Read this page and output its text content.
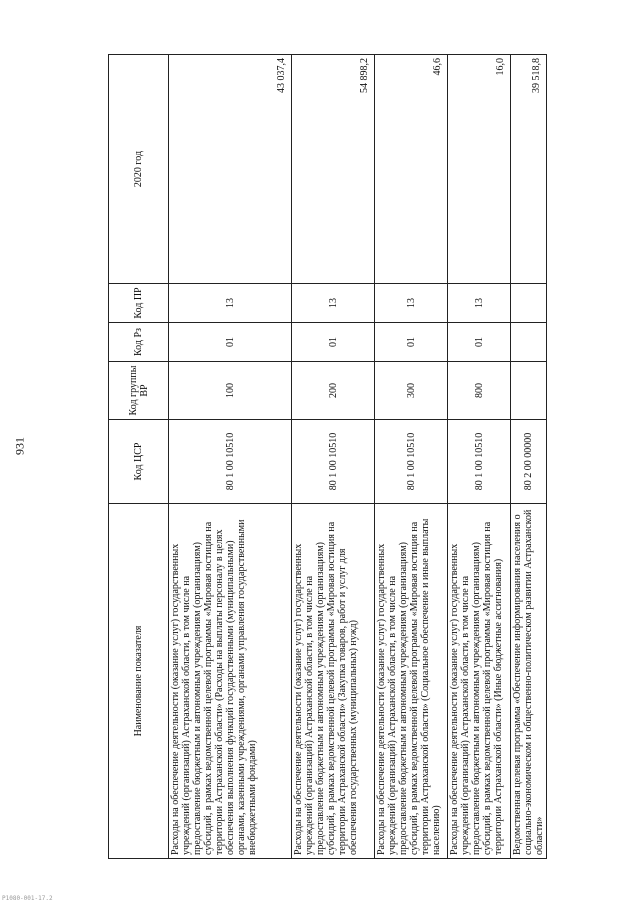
931
Наименование показателя	Код ЦСР	Код группы ВР	Код Рз	Код ПР	2020 год
Расходы на обеспечение деятельности (оказание услуг) государственных учреждений (организаций) Астраханской области, в том числе на предоставление бюджетным и автономным учреждениям (организациям) субсидий, в рамках ведомственной целевой программы «Мировая юстиция на территории Астраханской области» (Расходы на выплаты персоналу в целях обеспечения выполнения функций государственными (муниципальными) органами, казенными учреждениями, органами управления государственными внебюджетными фондами)	80 1 00 10510	100	01	13	43 037,4
Расходы на обеспечение деятельности (оказание услуг) государственных учреждений (организаций) Астраханской области, в том числе на предоставление бюджетным и автономным учреждениям (организациям) субсидий, в рамках ведомственной целевой программы «Мировая юстиция на территории Астраханской области» (Закупка товаров, работ и услуг для обеспечения государственных (муниципальных) нужд)	80 1 00 10510	200	01	13	54 898,2
Расходы на обеспечение деятельности (оказание услуг) государственных учреждений (организаций) Астраханской области, в том числе на предоставление бюджетным и автономным учреждениям (организациям) субсидий, в рамках ведомственной целевой программы «Мировая юстиция на территории Астраханской области» (Социальное обеспечение и иные выплаты населению)	80 1 00 10510	300	01	13	46,6
Расходы на обеспечение деятельности (оказание услуг) государственных учреждений (организаций) Астраханской области, в том числе на предоставление бюджетным и автономным учреждениям (организациям) субсидий, в рамках ведомственной целевой программы «Мировая юстиция на территории Астраханской области» (Иные бюджетные ассигнования)	80 1 00 10510	800	01	13	16,0
Ведомственная целевая программа «Обеспечение информирования населения о социально-экономическом и общественно-политическом развитии Астраханской области»	80 2 00 00000				39 518,8
Р1080-001-17.2
